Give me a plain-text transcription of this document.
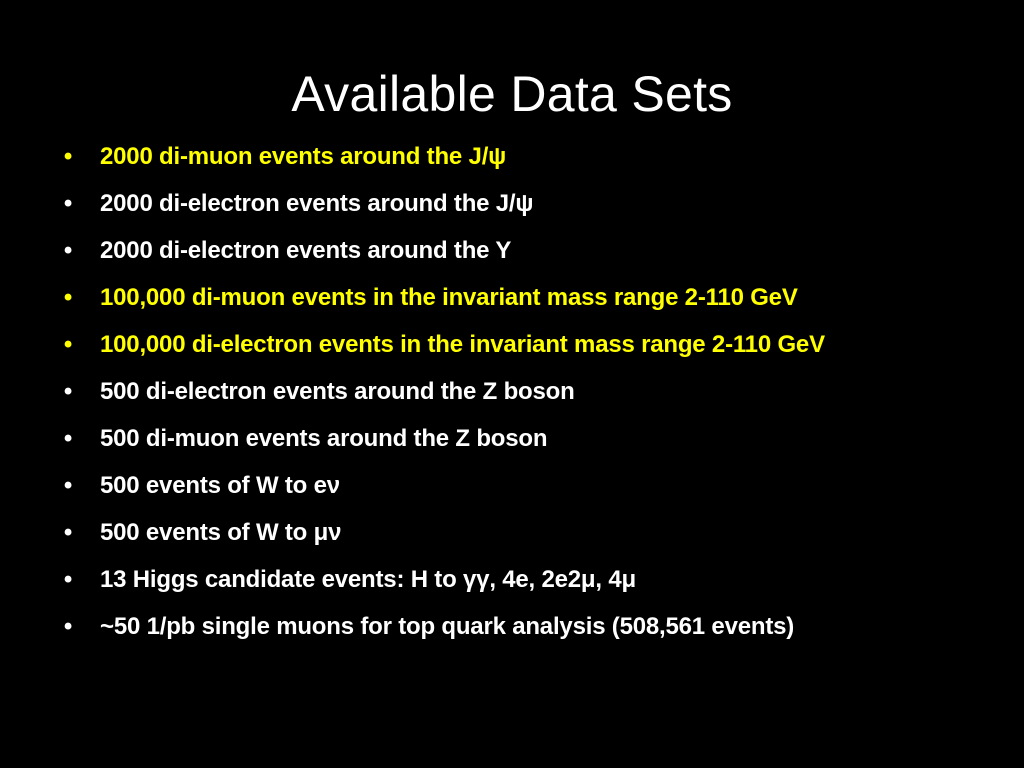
Available Data Sets
• 2000 di-muon events around the J/ψ
• 2000 di-electron events around the J/ψ
• 2000 di-electron events around the Y
• 100,000 di-muon events in the invariant mass range 2-110 GeV
• 100,000 di-electron events in the invariant mass range 2-110 GeV
• 500 di-electron events around the Z boson
• 500 di-muon events around the Z boson
• 500 events of W to eν
• 500 events of W to μν
• 13 Higgs candidate events: H to γγ, 4e, 2e2μ, 4μ
• ~50 1/pb single muons for top quark analysis (508,561 events)
